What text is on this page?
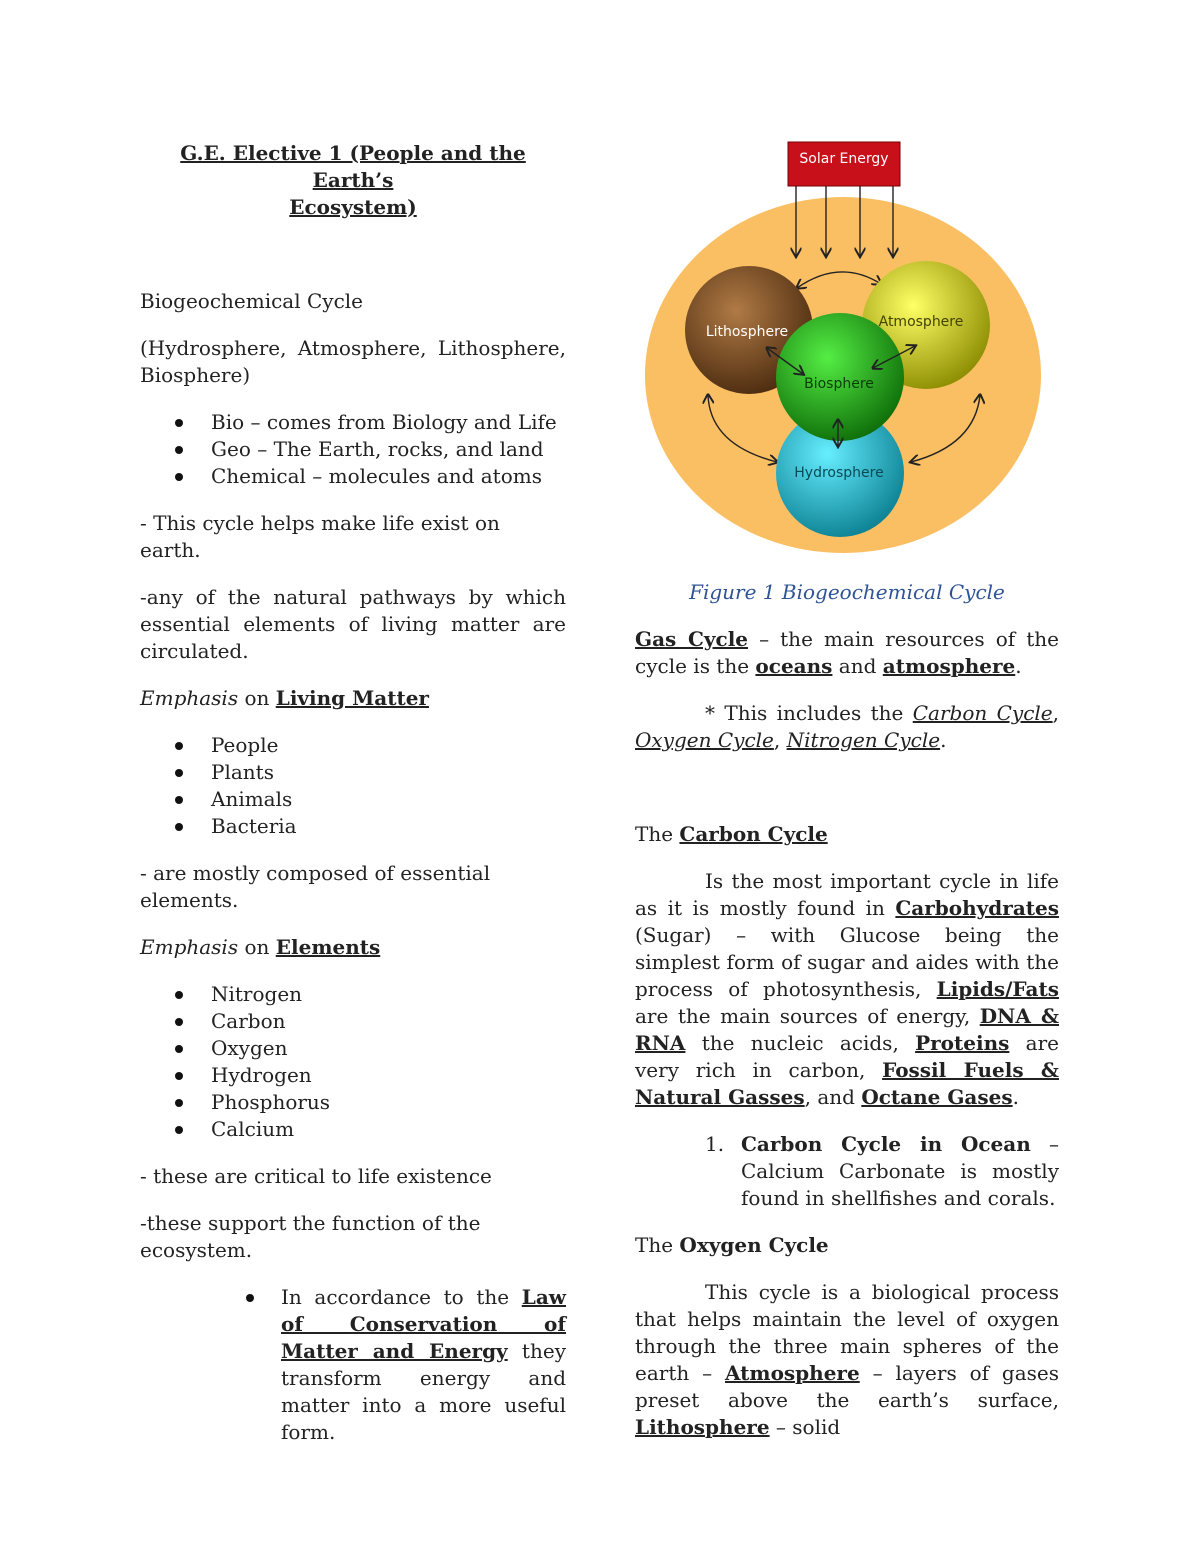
G.E. Elective 1 (People and the Earth’s
Ecosystem)

Biogeochemical Cycle

(Hydrosphere, Atmosphere, Lithosphere, Biosphere)

Bio – comes from Biology and Life
Geo – The Earth, rocks, and land
Chemical – molecules and atoms

- This cycle helps make life exist on earth.

-any of the natural pathways by which essential elements of living matter are circulated.

Emphasis on Living Matter

People
Plants
Animals
Bacteria

- are mostly composed of essential elements.

Emphasis on Elements

Nitrogen
Carbon
Oxygen
Hydrogen
Phosphorus
Calcium

- these are critical to life existence

-these support the function of the ecosystem.

In accordance to the Law of Conservation of Matter and Energy they transform energy and matter into a more useful form.
Solar Energy
Lithosphere
Atmosphere
Biosphere
Hydrosphere

Figure 1 Biogeochemical Cycle

Gas Cycle – the main resources of the cycle is the oceans and atmosphere.

* This includes the Carbon Cycle, Oxygen Cycle, Nitrogen Cycle.

The Carbon Cycle

Is the most important cycle in life as it is mostly found in Carbohydrates (Sugar) – with Glucose being the simplest form of sugar and aides with the process of photosynthesis, Lipids/Fats are the main sources of energy, DNA & RNA the nucleic acids, Proteins are very rich in carbon, Fossil Fuels & Natural Gasses, and Octane Gases.

1. Carbon Cycle in Ocean – Calcium Carbonate is mostly found in shellfishes and corals.

The Oxygen Cycle

This cycle is a biological process that helps maintain the level of oxygen through the three main spheres of the earth – Atmosphere – layers of gases preset above the earth’s surface, Lithosphere – solid
